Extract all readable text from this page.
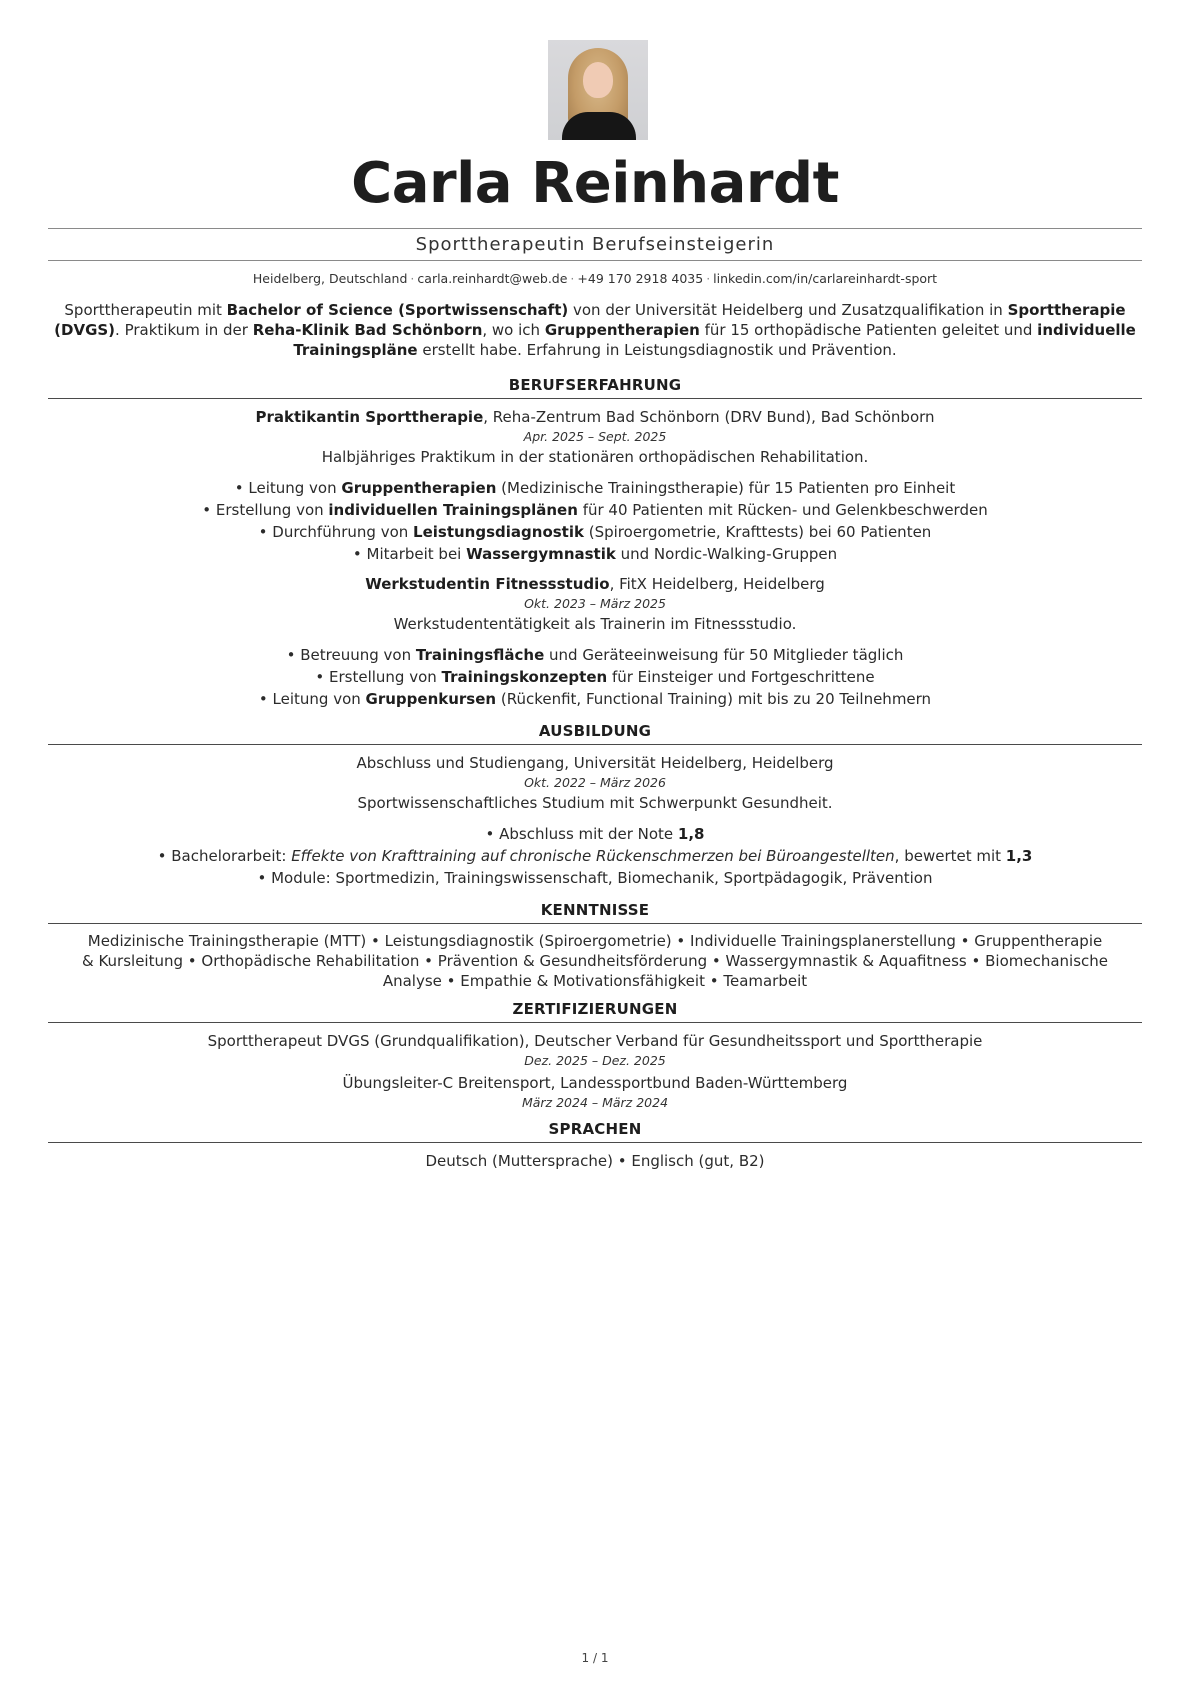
Carla Reinhardt
Sporttherapeutin Berufseinsteigerin
Heidelberg, Deutschland · carla.reinhardt@web.de · +49 170 2918 4035 · linkedin.com/in/carlareinhardt-sport
Sporttherapeutin mit Bachelor of Science (Sportwissenschaft) von der Universität Heidelberg und Zusatzqualifikation in Sporttherapie
(DVGS). Praktikum in der Reha-Klinik Bad Schönborn, wo ich Gruppentherapien für 15 orthopädische Patienten geleitet und individuelle
Trainingspläne erstellt habe. Erfahrung in Leistungsdiagnostik und Prävention.
BERUFSERFAHRUNG
Praktikantin Sporttherapie, Reha-Zentrum Bad Schönborn (DRV Bund), Bad Schönborn
Apr. 2025 – Sept. 2025
Halbjähriges Praktikum in der stationären orthopädischen Rehabilitation.
• Leitung von Gruppentherapien (Medizinische Trainingstherapie) für 15 Patienten pro Einheit
• Erstellung von individuellen Trainingsplänen für 40 Patienten mit Rücken- und Gelenkbeschwerden
• Durchführung von Leistungsdiagnostik (Spiroergometrie, Krafttests) bei 60 Patienten
• Mitarbeit bei Wassergymnastik und Nordic-Walking-Gruppen
Werkstudentin Fitnessstudio, FitX Heidelberg, Heidelberg
Okt. 2023 – März 2025
Werkstudententätigkeit als Trainerin im Fitnessstudio.
• Betreuung von Trainingsfläche und Geräteeinweisung für 50 Mitglieder täglich
• Erstellung von Trainingskonzepten für Einsteiger und Fortgeschrittene
• Leitung von Gruppenkursen (Rückenfit, Functional Training) mit bis zu 20 Teilnehmern
AUSBILDUNG
Abschluss und Studiengang, Universität Heidelberg, Heidelberg
Okt. 2022 – März 2026
Sportwissenschaftliches Studium mit Schwerpunkt Gesundheit.
• Abschluss mit der Note 1,8
• Bachelorarbeit: Effekte von Krafttraining auf chronische Rückenschmerzen bei Büroangestellten, bewertet mit 1,3
• Module: Sportmedizin, Trainingswissenschaft, Biomechanik, Sportpädagogik, Prävention
KENNTNISSE
Medizinische Trainingstherapie (MTT) • Leistungsdiagnostik (Spiroergometrie) • Individuelle Trainingsplanerstellung • Gruppentherapie
& Kursleitung • Orthopädische Rehabilitation • Prävention & Gesundheitsförderung • Wassergymnastik & Aquafitness • Biomechanische
Analyse • Empathie & Motivationsfähigkeit • Teamarbeit
ZERTIFIZIERUNGEN
Sporttherapeut DVGS (Grundqualifikation), Deutscher Verband für Gesundheitssport und Sporttherapie
Dez. 2025 – Dez. 2025
Übungsleiter-C Breitensport, Landessportbund Baden-Württemberg
März 2024 – März 2024
SPRACHEN
Deutsch (Muttersprache) • Englisch (gut, B2)
1 / 1
